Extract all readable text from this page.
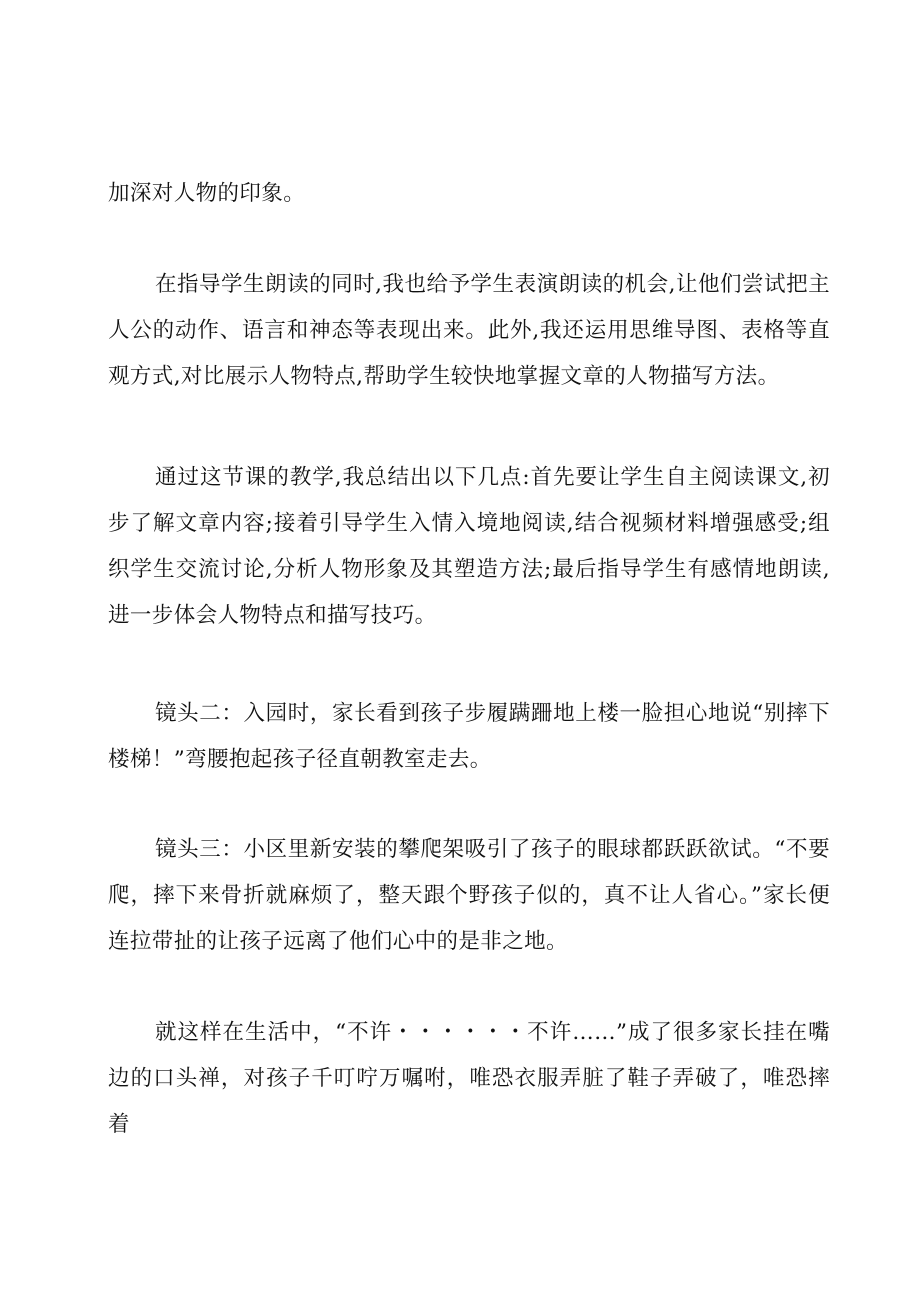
加深对人物的印象。

在指导学生朗读的同时,我也给予学生表演朗读的机会,让他们尝试把主人公的动作、语言和神态等表现出来。此外,我还运用思维导图、表格等直观方式,对比展示人物特点,帮助学生较快地掌握文章的人物描写方法。

通过这节课的教学,我总结出以下几点:首先要让学生自主阅读课文,初步了解文章内容;接着引导学生入情入境地阅读,结合视频材料增强感受;组织学生交流讨论,分析人物形象及其塑造方法;最后指导学生有感情地朗读,进一步体会人物特点和描写技巧。

镜头二：入园时，家长看到孩子步履蹒跚地上楼一脸担心地说“别摔下楼梯！”弯腰抱起孩子径直朝教室走去。

镜头三：小区里新安装的攀爬架吸引了孩子的眼球都跃跃欲试。“不要爬，摔下来骨折就麻烦了，整天跟个野孩子似的，真不让人省心。”家长便连拉带扯的让孩子远离了他们心中的是非之地。

就这样在生活中，“不许・・・・・・不许……”成了很多家长挂在嘴边的口头禅，对孩子千叮咛万嘱咐，唯恐衣服弄脏了鞋子弄破了，唯恐摔着
